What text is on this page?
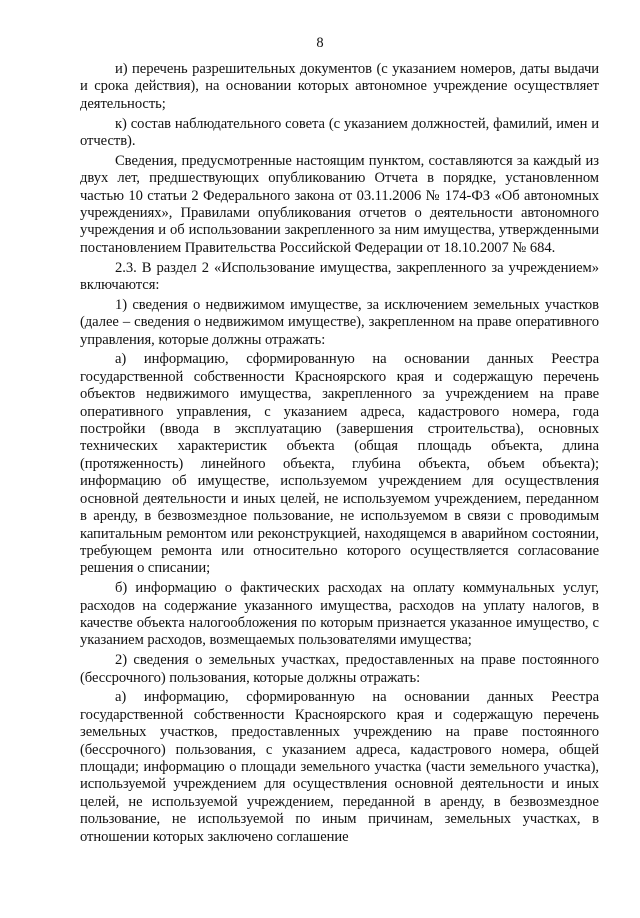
8

и) перечень разрешительных документов (с указанием номеров, даты выдачи и срока действия), на основании которых автономное учреждение осуществляет деятельность;

к) состав наблюдательного совета (с указанием должностей, фамилий, имен и отчеств).

Сведения, предусмотренные настоящим пунктом, составляются за каждый из двух лет, предшествующих опубликованию Отчета в порядке, установленном частью 10 статьи 2 Федерального закона от 03.11.2006 № 174-ФЗ «Об автономных учреждениях», Правилами опубликования отчетов о деятельности автономного учреждения и об использовании закрепленного за ним имущества, утвержденными постановлением Правительства Российской Федерации от 18.10.2007 № 684.

2.3. В раздел 2 «Использование имущества, закрепленного за учреждением» включаются:

1) сведения о недвижимом имуществе, за исключением земельных участков (далее – сведения о недвижимом имуществе), закрепленном на праве оперативного управления, которые должны отражать:

а) информацию, сформированную на основании данных Реестра государственной собственности Красноярского края и содержащую перечень объектов недвижимого имущества, закрепленного за учреждением на праве оперативного управления, с указанием адреса, кадастрового номера, года постройки (ввода в эксплуатацию (завершения строительства), основных технических характеристик объекта (общая площадь объекта, длина (протяженность) линейного объекта, глубина объекта, объем объекта); информацию об имуществе, используемом учреждением для осуществления основной деятельности и иных целей, не используемом учреждением, переданном в аренду, в безвозмездное пользование, не используемом в связи с проводимым капитальным ремонтом или реконструкцией, находящемся в аварийном состоянии, требующем ремонта или относительно которого осуществляется согласование решения о списании;

б) информацию о фактических расходах на оплату коммунальных услуг, расходов на содержание указанного имущества, расходов на уплату налогов, в качестве объекта налогообложения по которым признается указанное имущество, с указанием расходов, возмещаемых пользователями имущества;

2) сведения о земельных участках, предоставленных на праве постоянного (бессрочного) пользования, которые должны отражать:

а) информацию, сформированную на основании данных Реестра государственной собственности Красноярского края и содержащую перечень земельных участков, предоставленных учреждению на праве постоянного (бессрочного) пользования, с указанием адреса, кадастрового номера, общей площади; информацию о площади земельного участка (части земельного участка), используемой учреждением для осуществления основной деятельности и иных целей, не используемой учреждением, переданной в аренду, в безвозмездное пользование, не используемой по иным причинам, земельных участках, в отношении которых заключено соглашение
